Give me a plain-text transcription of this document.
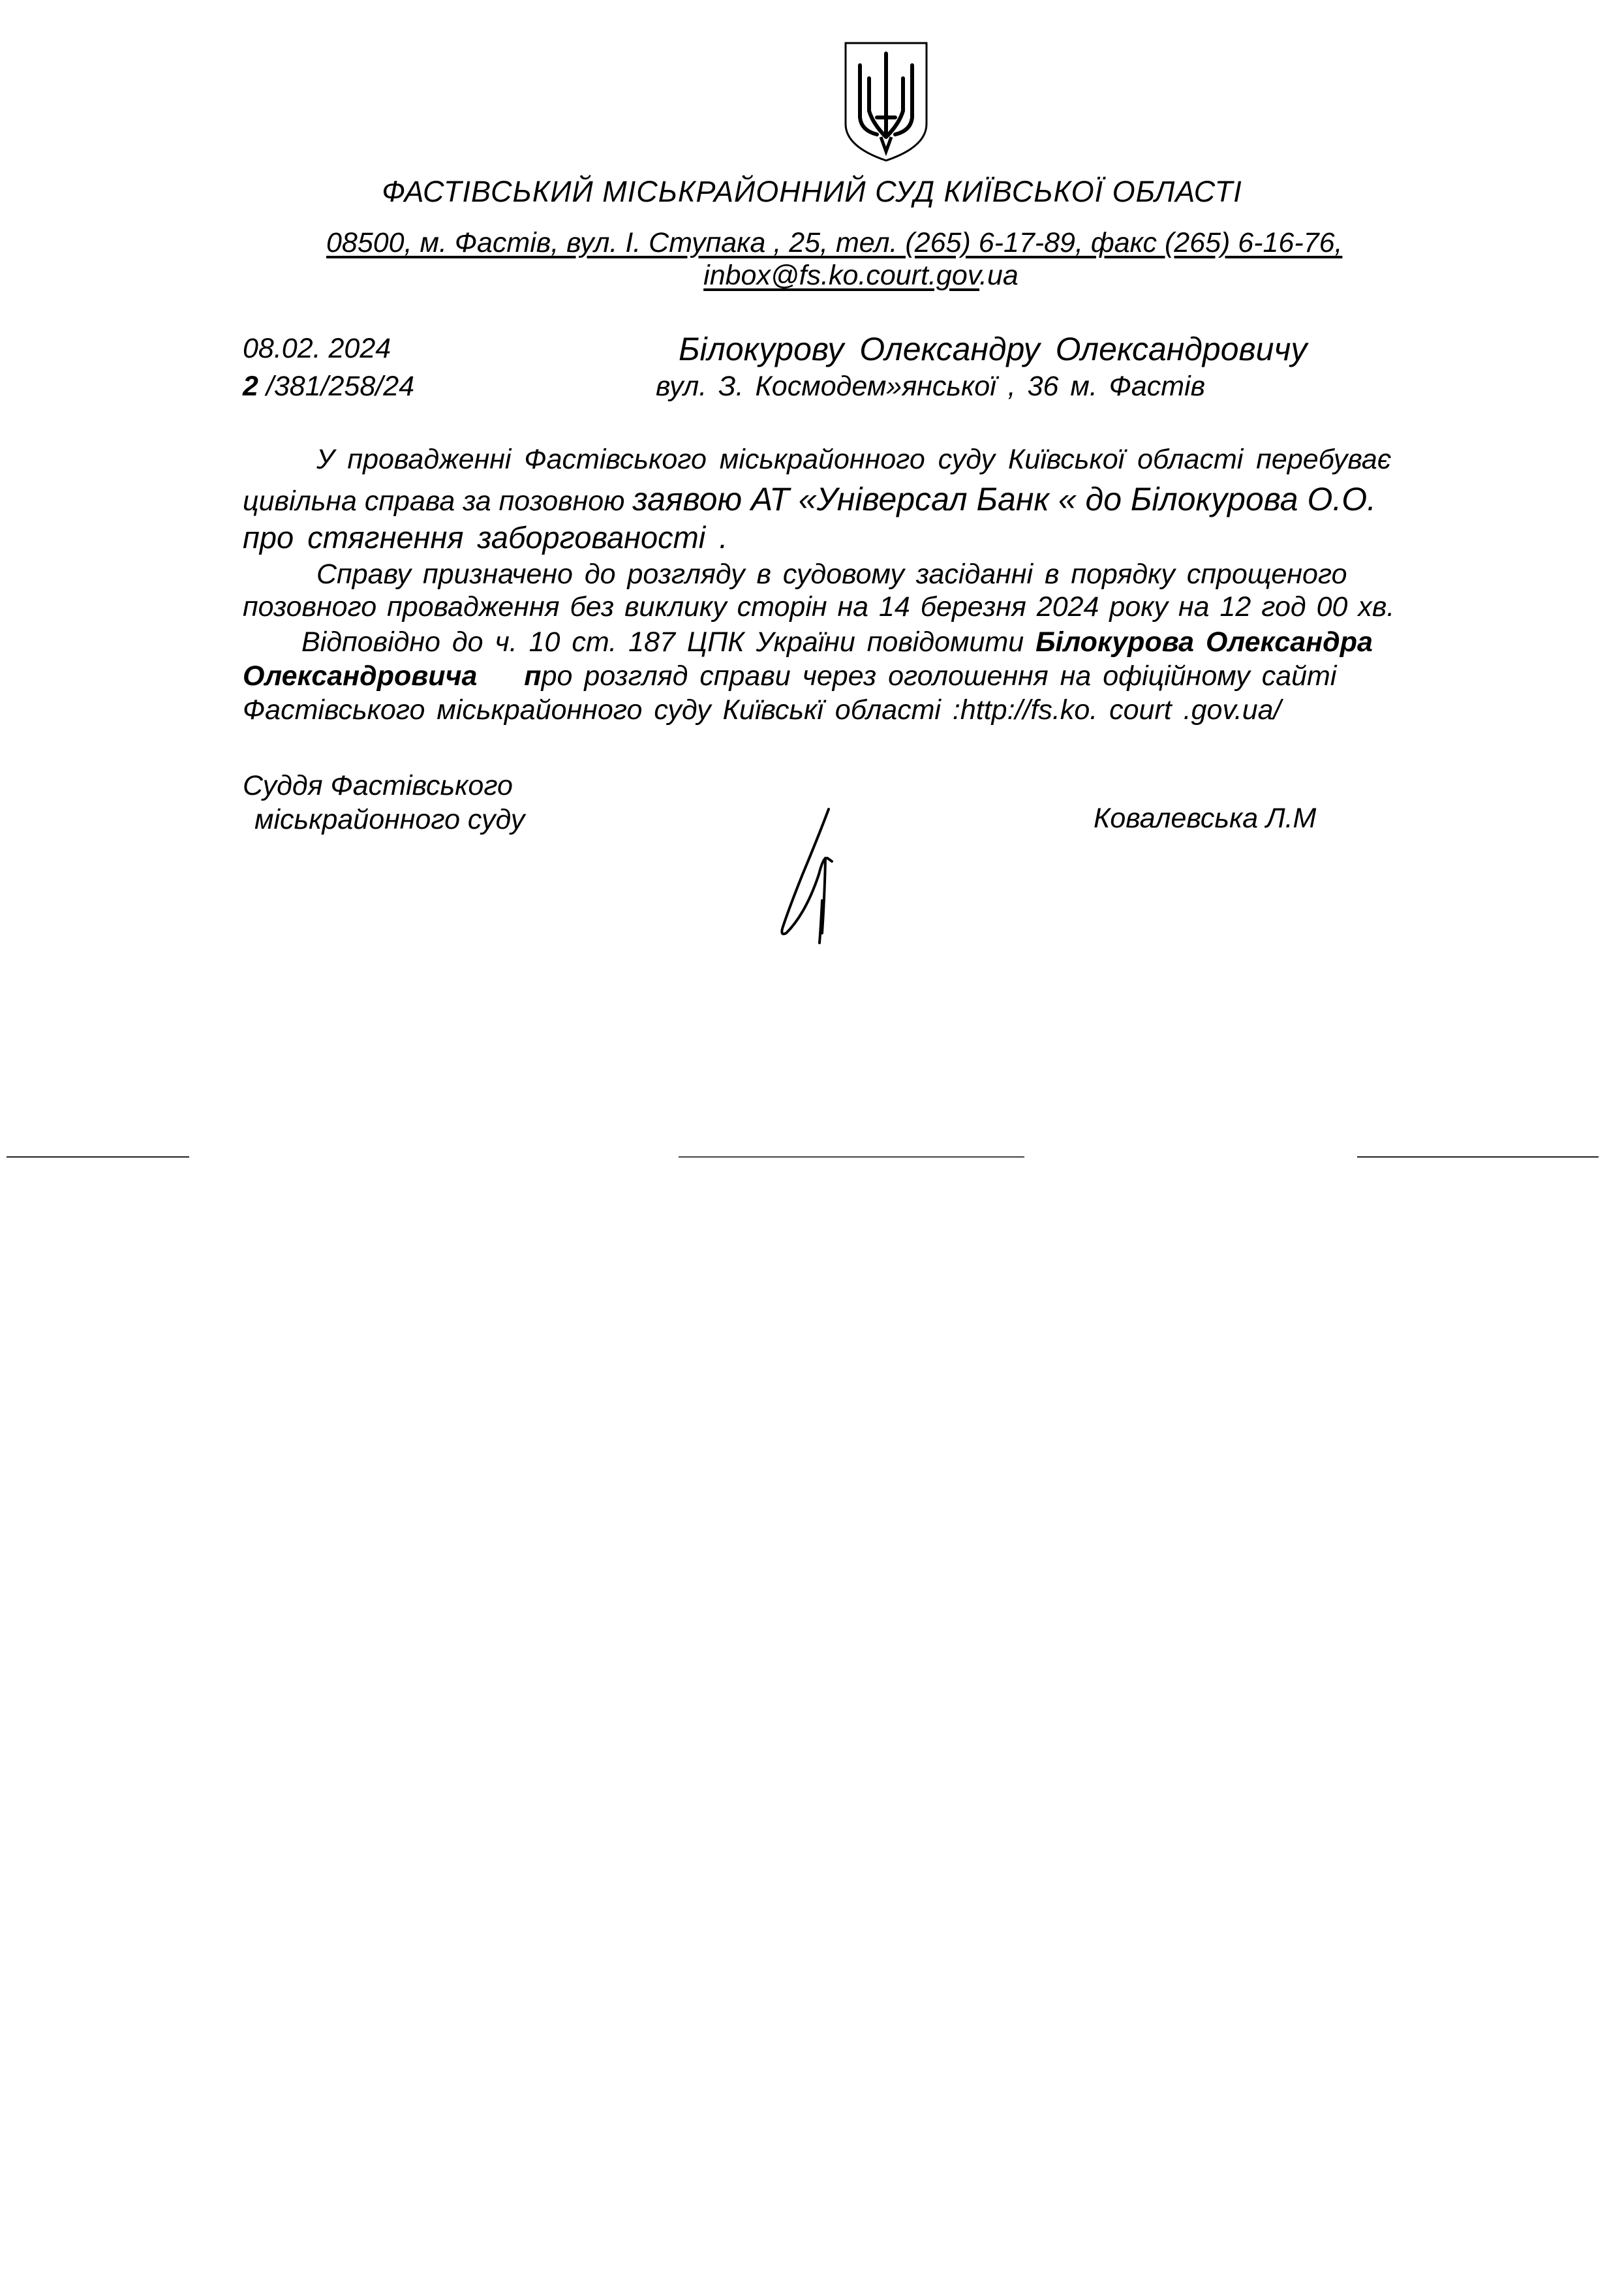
ФАСТІВСЬКИЙ МІСЬКРАЙОННИЙ СУД КИЇВСЬКОЇ ОБЛАСТІ
08500, м. Фастів, вул. І. Ступака , 25, тел. (265) 6-17-89, факс (265) 6-16-76,
inbox@fs.ko.court.gov.ua
08.02. 2024
2 /381/258/24
Білокурову Олександру Олександровичу
вул. З. Космодем»янської , 36 м. Фастів
У провадженні Фастівського міськрайонного суду Київської області перебуває
цивільна справа за позовною заявою АТ «Універсал Банк « до Білокурова О.О.
про стягнення заборгованості .
Справу призначено до розгляду в судовому засіданні в порядку спрощеного
позовного провадження без виклику сторін на 14 березня 2024 року на 12 год 00 хв.
Відповідно до ч. 10 ст. 187 ЦПК України повідомити Білокурова Олександра
Олександровича про розгляд справи через оголошення на офіційному сайті
Фастівського міськрайонного суду Київськї області :http://fs.ko. court .gov.ua/
Суддя Фастівського
міськрайонного суду	Ковалевська Л.М
